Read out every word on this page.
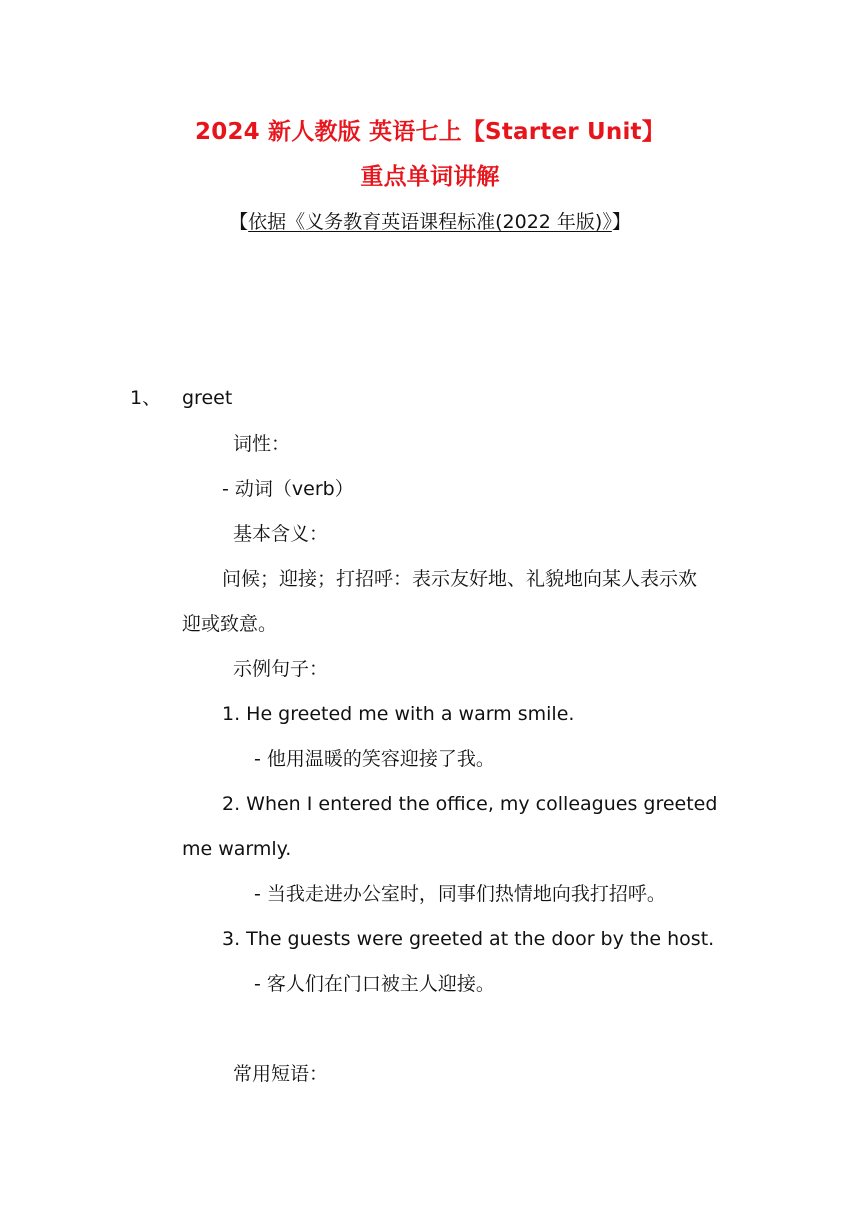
2024 新人教版 英语七上【Starter Unit】
重点单词讲解
【依据《义务教育英语课程标准(2022 年版)》】
1、 greet
词性：
- 动词（verb）
基本含义：
问候；迎接；打招呼：表示友好地、礼貌地向某人表示欢
迎或致意。
示例句子：
1. He greeted me with a warm smile.
- 他用温暖的笑容迎接了我。
2. When I entered the office, my colleagues greeted
me warmly.
- 当我走进办公室时，同事们热情地向我打招呼。
3. The guests were greeted at the door by the host.
- 客人们在门口被主人迎接。
常用短语：
